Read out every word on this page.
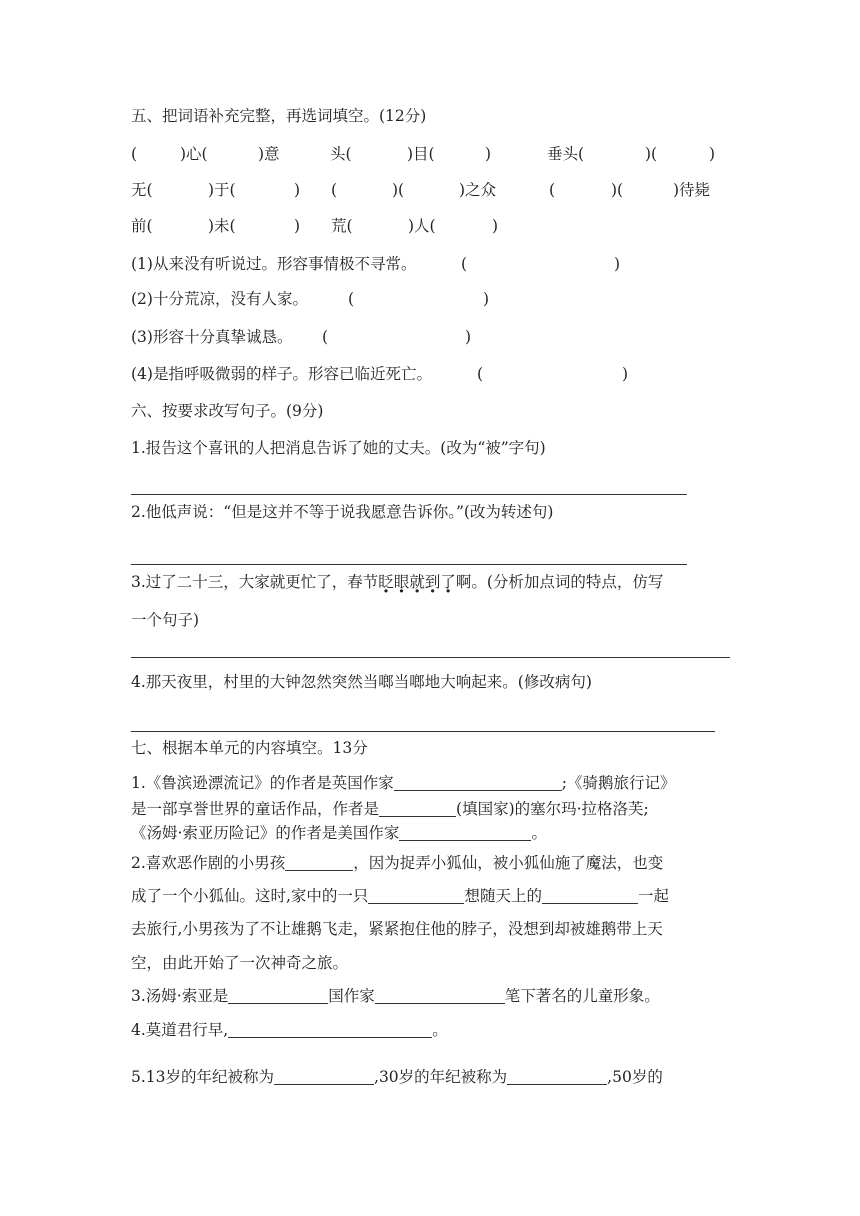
五、把词语补充完整，再选词填空。(12分)
(	)心(	)意	头(	)目(	)	垂头(	)(	)
无(	)于(	) (	)(	)之众	(	)(	)待毙
前(	)未(	) 荒(	)人(	)
(1)从来没有听说过。形容事情极不寻常。	(	)
(2)十分荒凉，没有人家。	(	)
(3)形容十分真挚诚恳。 (	)
(4)是指呼吸微弱的样子。形容已临近死亡。	(	)
六、按要求改写句子。(9分)
1.报告这个喜讯的人把消息告诉了她的丈夫。(改为“被”字句)
2.他低声说：“但是这并不等于说我愿意告诉你。”(改为转述句)
3.过了二十三，大家就更忙了，春节眨眼就到了啊。(分析加点词的特点，仿写
一个句子)
4.那天夜里，村里的大钟忽然突然当啷当啷地大响起来。(修改病句)
七、根据本单元的内容填空。13分
1.《鲁滨逊漂流记》的作者是英国作家	;《骑鹅旅行记》
是一部享誉世界的童话作品，作者是	(填国家)的塞尔玛·拉格洛芙;
《汤姆·索亚历险记》的作者是美国作家	。
2.喜欢恶作剧的小男孩	，因为捉弄小狐仙，被小狐仙施了魔法，也变
成了一个小狐仙。这时,家中的一只	想随天上的	一起
去旅行,小男孩为了不让雄鹅飞走，紧紧抱住他的脖子，没想到却被雄鹅带上天
空，由此开始了一次神奇之旅。
3.汤姆·索亚是	国作家	笔下著名的儿童形象。
4.莫道君行早,	。
5.13岁的年纪被称为	,30岁的年纪被称为	,50岁的
